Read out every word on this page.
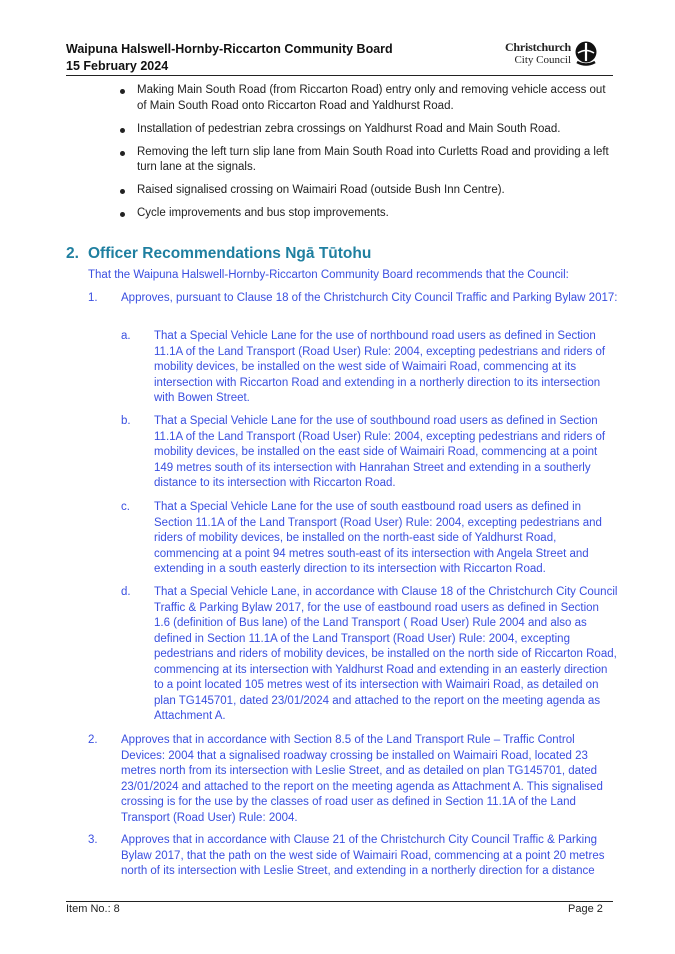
Waipuna Halswell-Hornby-Riccarton Community Board
15 February 2024
Christchurch
City Council
Making Main South Road (from Riccarton Road) entry only and removing vehicle access out of Main South Road onto Riccarton Road and Yaldhurst Road.
Installation of pedestrian zebra crossings on Yaldhurst Road and Main South Road.
Removing the left turn slip lane from Main South Road into Curletts Road and providing a left turn lane at the signals.
Raised signalised crossing on Waimairi Road (outside Bush Inn Centre).
Cycle improvements and bus stop improvements.
2. Officer Recommendations Ngā Tūtohu
That the Waipuna Halswell-Hornby-Riccarton Community Board recommends that the Council:
1. Approves, pursuant to Clause 18 of the Christchurch City Council Traffic and Parking Bylaw 2017:
a. That a Special Vehicle Lane for the use of northbound road users as defined in Section 11.1A of the Land Transport (Road User) Rule: 2004, excepting pedestrians and riders of mobility devices, be installed on the west side of Waimairi Road, commencing at its intersection with Riccarton Road and extending in a northerly direction to its intersection with Bowen Street.
b. That a Special Vehicle Lane for the use of southbound road users as defined in Section 11.1A of the Land Transport (Road User) Rule: 2004, excepting pedestrians and riders of mobility devices, be installed on the east side of Waimairi Road, commencing at a point 149 metres south of its intersection with Hanrahan Street and extending in a southerly distance to its intersection with Riccarton Road.
c. That a Special Vehicle Lane for the use of south eastbound road users as defined in Section 11.1A of the Land Transport (Road User) Rule: 2004, excepting pedestrians and riders of mobility devices, be installed on the north-east side of Yaldhurst Road, commencing at a point 94 metres south-east of its intersection with Angela Street and extending in a south easterly direction to its intersection with Riccarton Road.
d. That a Special Vehicle Lane, in accordance with Clause 18 of the Christchurch City Council Traffic & Parking Bylaw 2017, for the use of eastbound road users as defined in Section 1.6 (definition of Bus lane) of the Land Transport ( Road User) Rule 2004 and also as defined in Section 11.1A of the Land Transport (Road User) Rule: 2004, excepting pedestrians and riders of mobility devices, be installed on the north side of Riccarton Road, commencing at its intersection with Yaldhurst Road and extending in an easterly direction to a point located 105 metres west of its intersection with Waimairi Road, as detailed on plan TG145701, dated 23/01/2024 and attached to the report on the meeting agenda as Attachment A.
2. Approves that in accordance with Section 8.5 of the Land Transport Rule – Traffic Control Devices: 2004 that a signalised roadway crossing be installed on Waimairi Road, located 23 metres north from its intersection with Leslie Street, and as detailed on plan TG145701, dated 23/01/2024 and attached to the report on the meeting agenda as Attachment A. This signalised crossing is for the use by the classes of road user as defined in Section 11.1A of the Land Transport (Road User) Rule: 2004.
3. Approves that in accordance with Clause 21 of the Christchurch City Council Traffic & Parking Bylaw 2017, that the path on the west side of Waimairi Road, commencing at a point 20 metres north of its intersection with Leslie Street, and extending in a northerly direction for a distance
Item No.: 8	Page 2
